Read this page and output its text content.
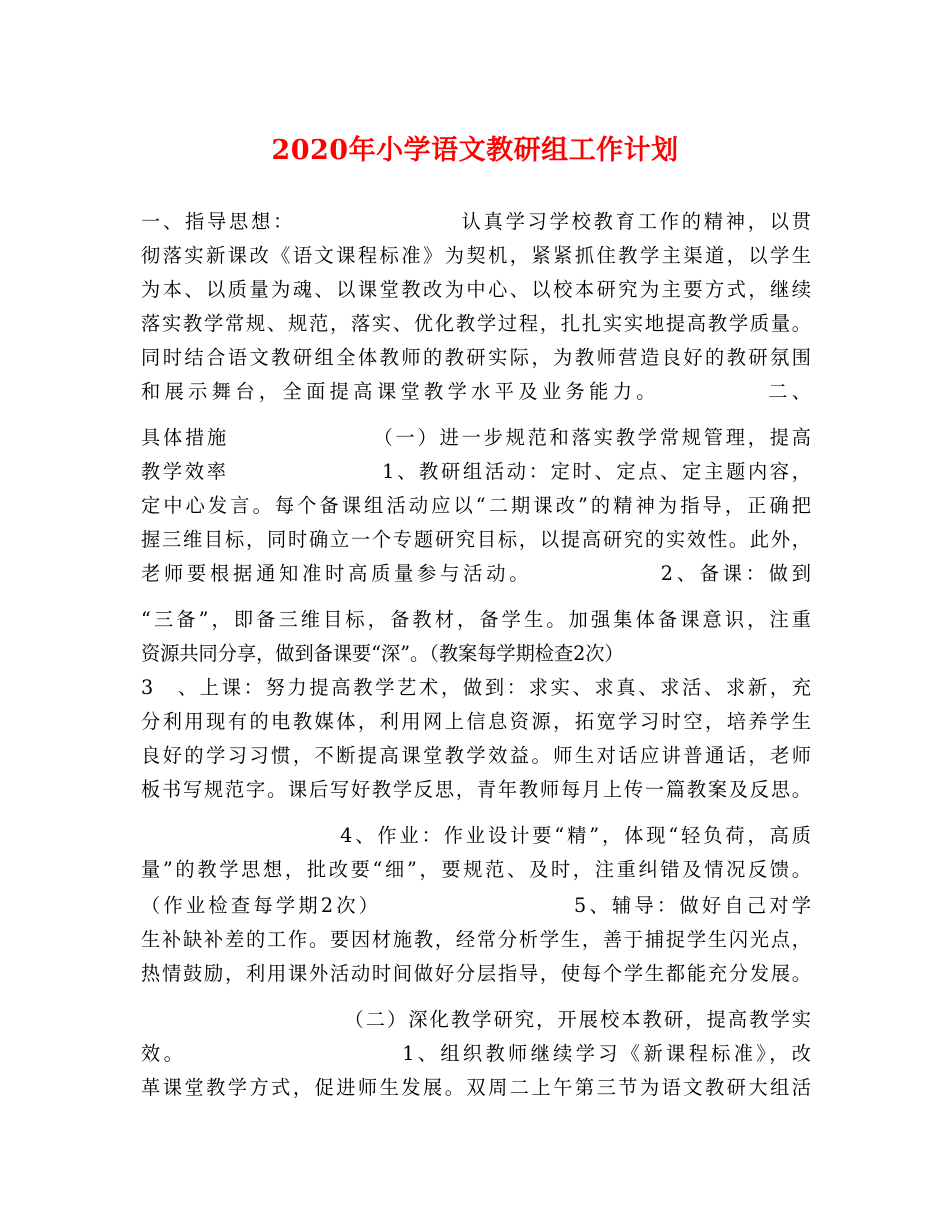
2020年小学语文教研组工作计划

一、指导思想：　　　　　　　　认真学习学校教育工作的精神，以贯

彻落实新课改《语文课程标准》为契机，紧紧抓住教学主渠道，以学生

为本、以质量为魂、以课堂教改为中心、以校本研究为主要方式，继续

落实教学常规、规范，落实、优化教学过程，扎扎实实地提高教学质量。

同时结合语文教研组全体教师的教研实际，为教师营造良好的教研氛围

和展示舞台，全面提高课堂教学水平及业务能力。　　　　　二、

具体措施　　　　　　　（一）进一步规范和落实教学常规管理，提高

教学效率　　　　　　　1、教研组活动：定时、定点、定主题内容，

定中心发言。每个备课组活动应以“二期课改”的精神为指导，正确把

握三维目标，同时确立一个专题研究目标，以提高研究的实效性。此外，

老师要根据通知准时高质量参与活动。　　　　　　2、备课：做到

“三备”，即备三维目标，备教材，备学生。加强集体备课意识，注重

资源共同分享，做到备课要“深”。（教案每学期检查2次）

3　、上课：努力提高教学艺术，做到：求实、求真、求活、求新，充

分利用现有的电教媒体，利用网上信息资源，拓宽学习时空，培养学生

良好的学习习惯，不断提高课堂教学效益。师生对话应讲普通话，老师

板书写规范字。课后写好教学反思，青年教师每月上传一篇教案及反思。

　　　　　　　　　4、作业：作业设计要“精”，体现“轻负荷，高质

量”的教学思想，批改要“细”，要规范、及时，注重纠错及情况反馈。

（作业检查每学期2次）　　　　　　　　　5、辅导：做好自己对学

生补缺补差的工作。要因材施教，经常分析学生，善于捕捉学生闪光点，

热情鼓励，利用课外活动时间做好分层指导，使每个学生都能充分发展。

　　　　　　　　　　（二）深化教学研究，开展校本教研，提高教学实

效。　　　　　　　　　　1、组织教师继续学习《新课程标准》，改

革课堂教学方式，促进师生发展。双周二上午第三节为语文教研大组活
